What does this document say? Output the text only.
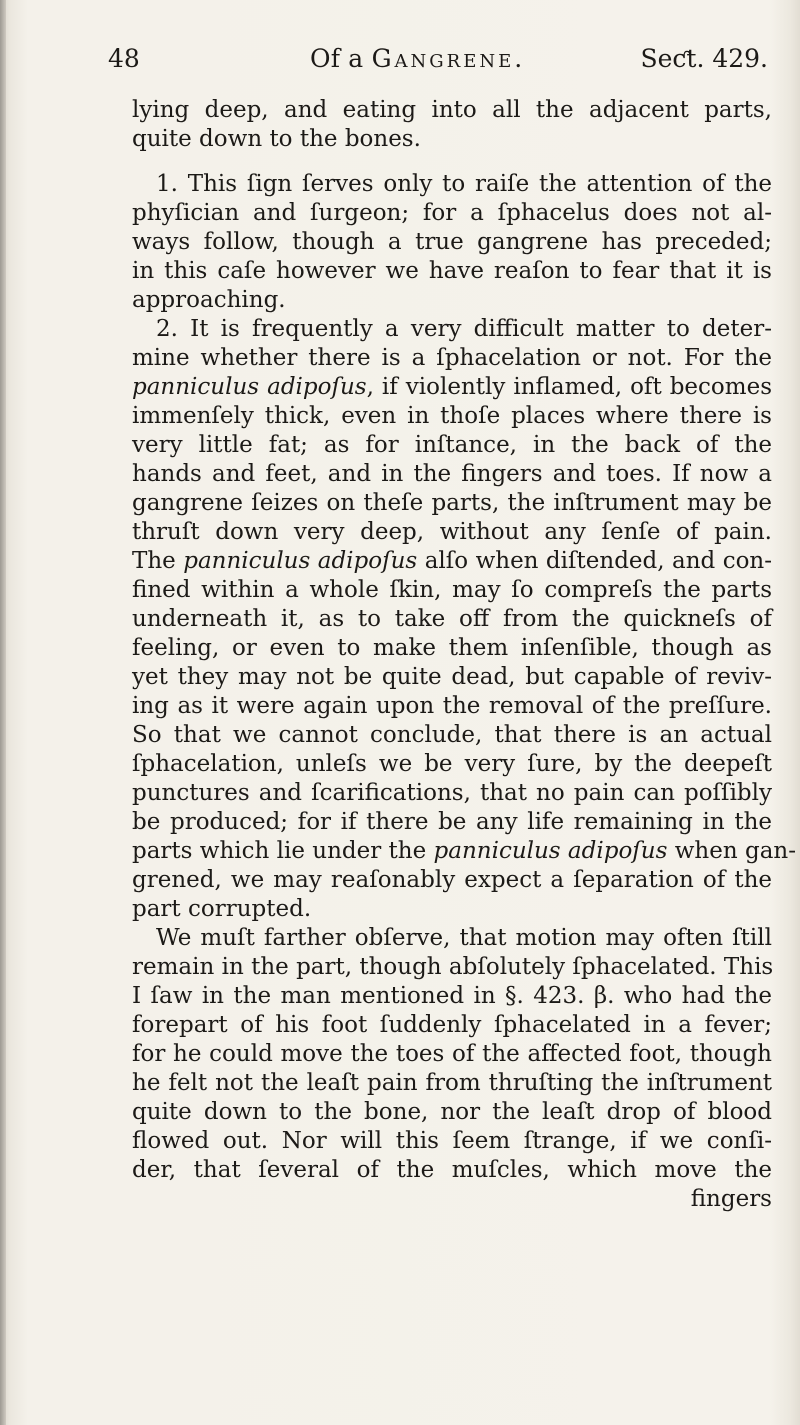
48	Of a Gangrene.	Seƈt. 429.
lying deep, and eating into all the adjacent parts,
quite down to the bones.
1. This ſign ſerves only to raiſe the attention of the
phyſician and ſurgeon; for a ſphacelus does not al-
ways follow, though a true gangrene has preceded;
in this caſe however we have reaſon to fear that it is
approaching.
2. It is frequently a very difficult matter to deter-
mine whether there is a ſphacelation or not. For the
panniculus adipoſus, if violently inflamed, oft becomes
immenſely thick, even in thoſe places where there is
very little fat; as for inſtance, in the back of the
hands and feet, and in the fingers and toes. If now a
gangrene ſeizes on theſe parts, the inſtrument may be
thruſt down very deep, without any ſenſe of pain.
The panniculus adipoſus alſo when diſtended, and con-
fined within a whole ſkin, may ſo compreſs the parts
underneath it, as to take off from the quickneſs of
feeling, or even to make them inſenſible, though as
yet they may not be quite dead, but capable of reviv-
ing as it were again upon the removal of the preſſure.
So that we cannot conclude, that there is an actual
ſphacelation, unleſs we be very ſure, by the deepeſt
punctures and ſcarifications, that no pain can poſſibly
be produced; for if there be any life remaining in the
parts which lie under the panniculus adipoſus when gan-
grened, we may reaſonably expect a ſeparation of the
part corrupted.
We muſt farther obſerve, that motion may often ſtill
remain in the part, though abſolutely ſphacelated. This
I ſaw in the man mentioned in §. 423. β. who had the
forepart of his foot ſuddenly ſphacelated in a fever;
for he could move the toes of the affected foot, though
he felt not the leaſt pain from thruſting the inſtrument
quite down to the bone, nor the leaſt drop of blood
flowed out. Nor will this ſeem ſtrange, if we conſi-
der, that ſeveral of the muſcles, which move the
fingers
